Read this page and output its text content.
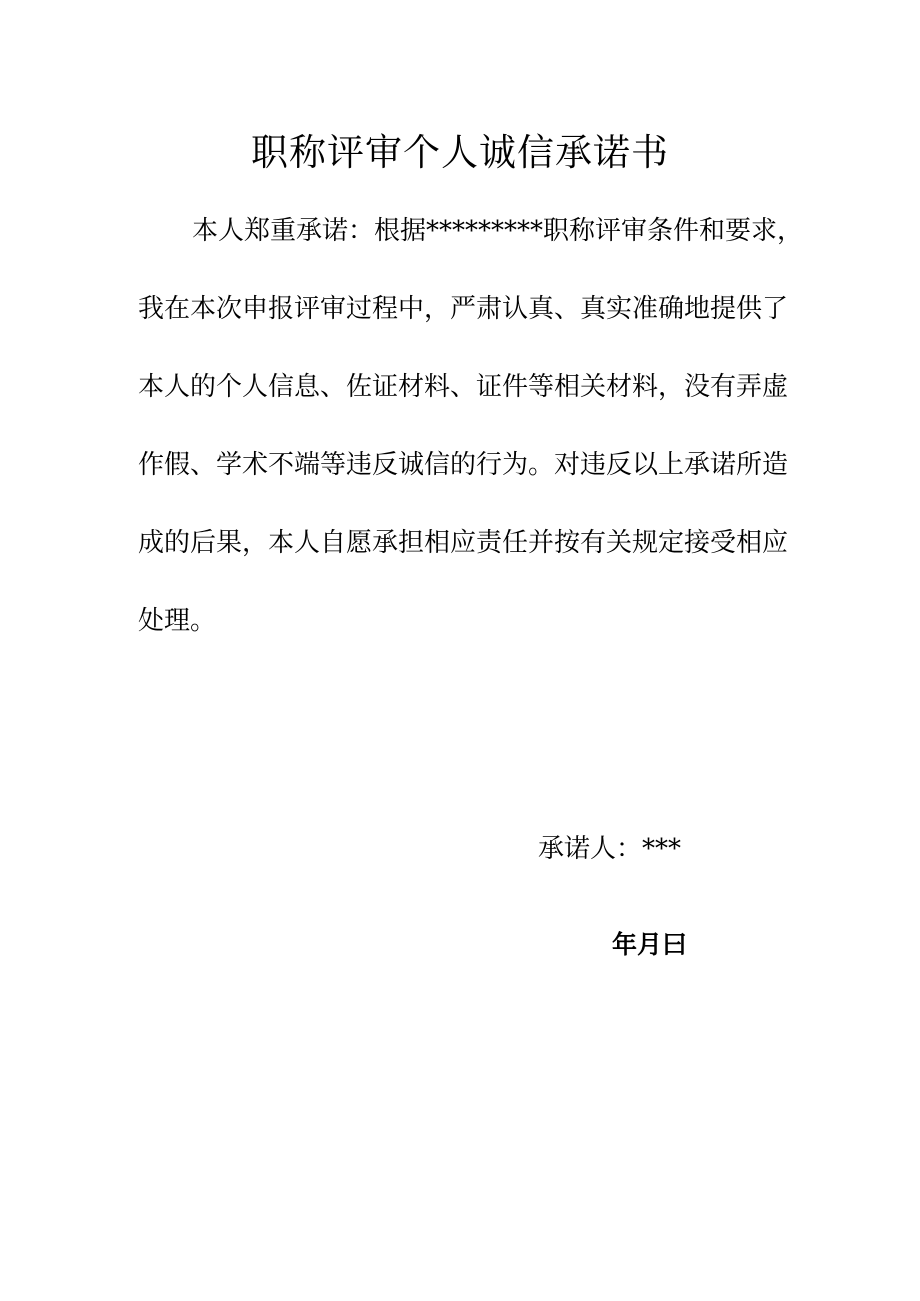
职称评审个人诚信承诺书
本人郑重承诺：根据*********职称评审条件和要求，
我在本次申报评审过程中，严肃认真、真实准确地提供了
本人的个人信息、佐证材料、证件等相关材料，没有弄虚
作假、学术不端等违反诚信的行为。对违反以上承诺所造
成的后果，本人自愿承担相应责任并按有关规定接受相应
处理。
承诺人：***
年月曰
